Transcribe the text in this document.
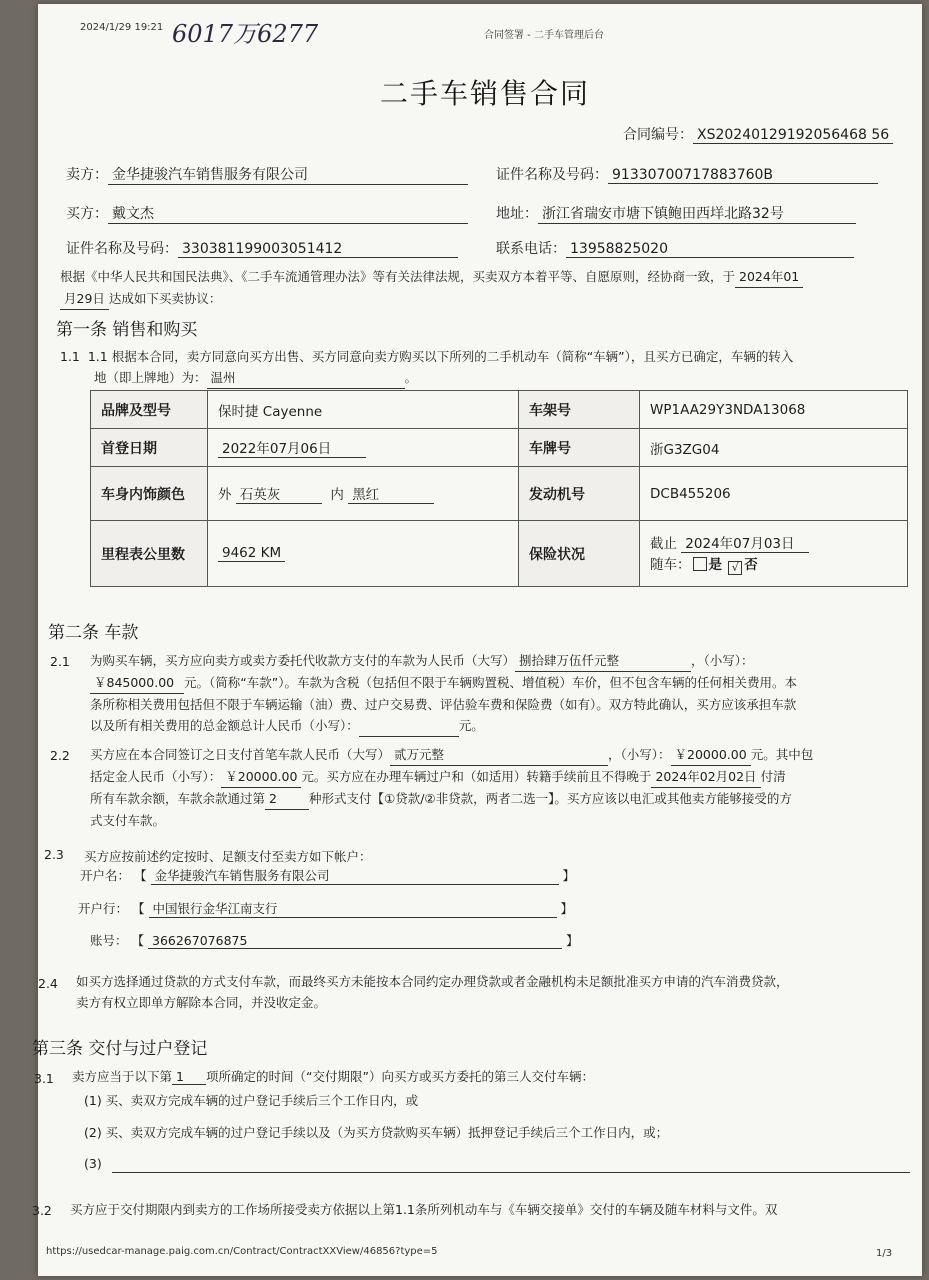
2024/1/29 19:21 6017万6277	合同签署 - 二手车管理后台
二手车销售合同
合同编号： XS20240129192056468 56
卖方： 金华捷骏汽车销售服务有限公司	证件名称及号码： 91330700717883760B
买方： 戴文杰	地址： 浙江省瑞安市塘下镇鲍田西垟北路32号
证件名称及号码： 330381199003051412	联系电话： 13958825020
根据《中华人民共和国民法典》、《二手车流通管理办法》等有关法律法规，买卖双方本着平等、自愿原则，经协商一致，于 2024年01
月29日 达成如下买卖协议：
第一条 销售和购买
1.1 1.1 根据本合同，卖方同意向买方出售、买方同意向卖方购买以下所列的二手机动车（简称“车辆”），且买方已确定，车辆的转入
地（即上牌地）为： 温州	。
品牌及型号	保时捷 Cayenne	车架号	WP1AA29Y3NDA13068
首登日期	2022年07月06日	车牌号	浙G3ZG04
车身内饰颜色	外 石英灰 内 黑红	发动机号	DCB455206
里程表公里数	9462 KM	保险状况	截止 2024年07月03日
随车： 是 √ 否
第二条 车款
2.1 为购买车辆，买方应向卖方或卖方委托代收款方支付的车款为人民币（大写） 捌拾肆万伍仟元整	，（小写）：
￥845000.00 元。（简称“车款”）。车款为含税（包括但不限于车辆购置税、增值税）车价，但不包含车辆的任何相关费用。本
条所称相关费用包括但不限于车辆运输（油）费、过户交易费、评估验车费和保险费（如有）。双方特此确认，买方应该承担车款
以及所有相关费用的总金额总计人民币（小写）：	元。
2.2 买方应在本合同签订之日支付首笔车款人民币（大写） 贰万元整	，（小写）： ￥20000.00 元。其中包
括定金人民币（小写）： ￥20000.00 元。买方应在办理车辆过户和（如适用）转籍手续前且不得晚于 2024年02月02日 付清
所有车款余额，车款余款通过第 2	种形式支付【①贷款/②非贷款，两者二选一】。买方应该以电汇或其他卖方能够接受的方
式支付车款。
2.3 买方应按前述约定按时、足额支付至卖方如下帐户：
开户名： 【 金华捷骏汽车销售服务有限公司	】
开户行： 【 中国银行金华江南支行	】
账号： 【 366267076875	】
2.4 如买方选择通过贷款的方式支付车款，而最终买方未能按本合同约定办理贷款或者金融机构未足额批准买方申请的汽车消费贷款，
卖方有权立即单方解除本合同，并没收定金。
第三条 交付与过户登记
3.1 卖方应当于以下第 1 项所确定的时间（“交付期限”）向买方或买方委托的第三人交付车辆：
(1) 买、卖双方完成车辆的过户登记手续后三个工作日内，或
(2) 买、卖双方完成车辆的过户登记手续以及（为买方贷款购买车辆）抵押登记手续后三个工作日内，或；
(3)
3.2 买方应于交付期限内到卖方的工作场所接受卖方依据以上第1.1条所列机动车与《车辆交接单》交付的车辆及随车材料与文件。双
https://usedcar-manage.paig.com.cn/Contract/ContractXXView/46856?type=5	1/3
